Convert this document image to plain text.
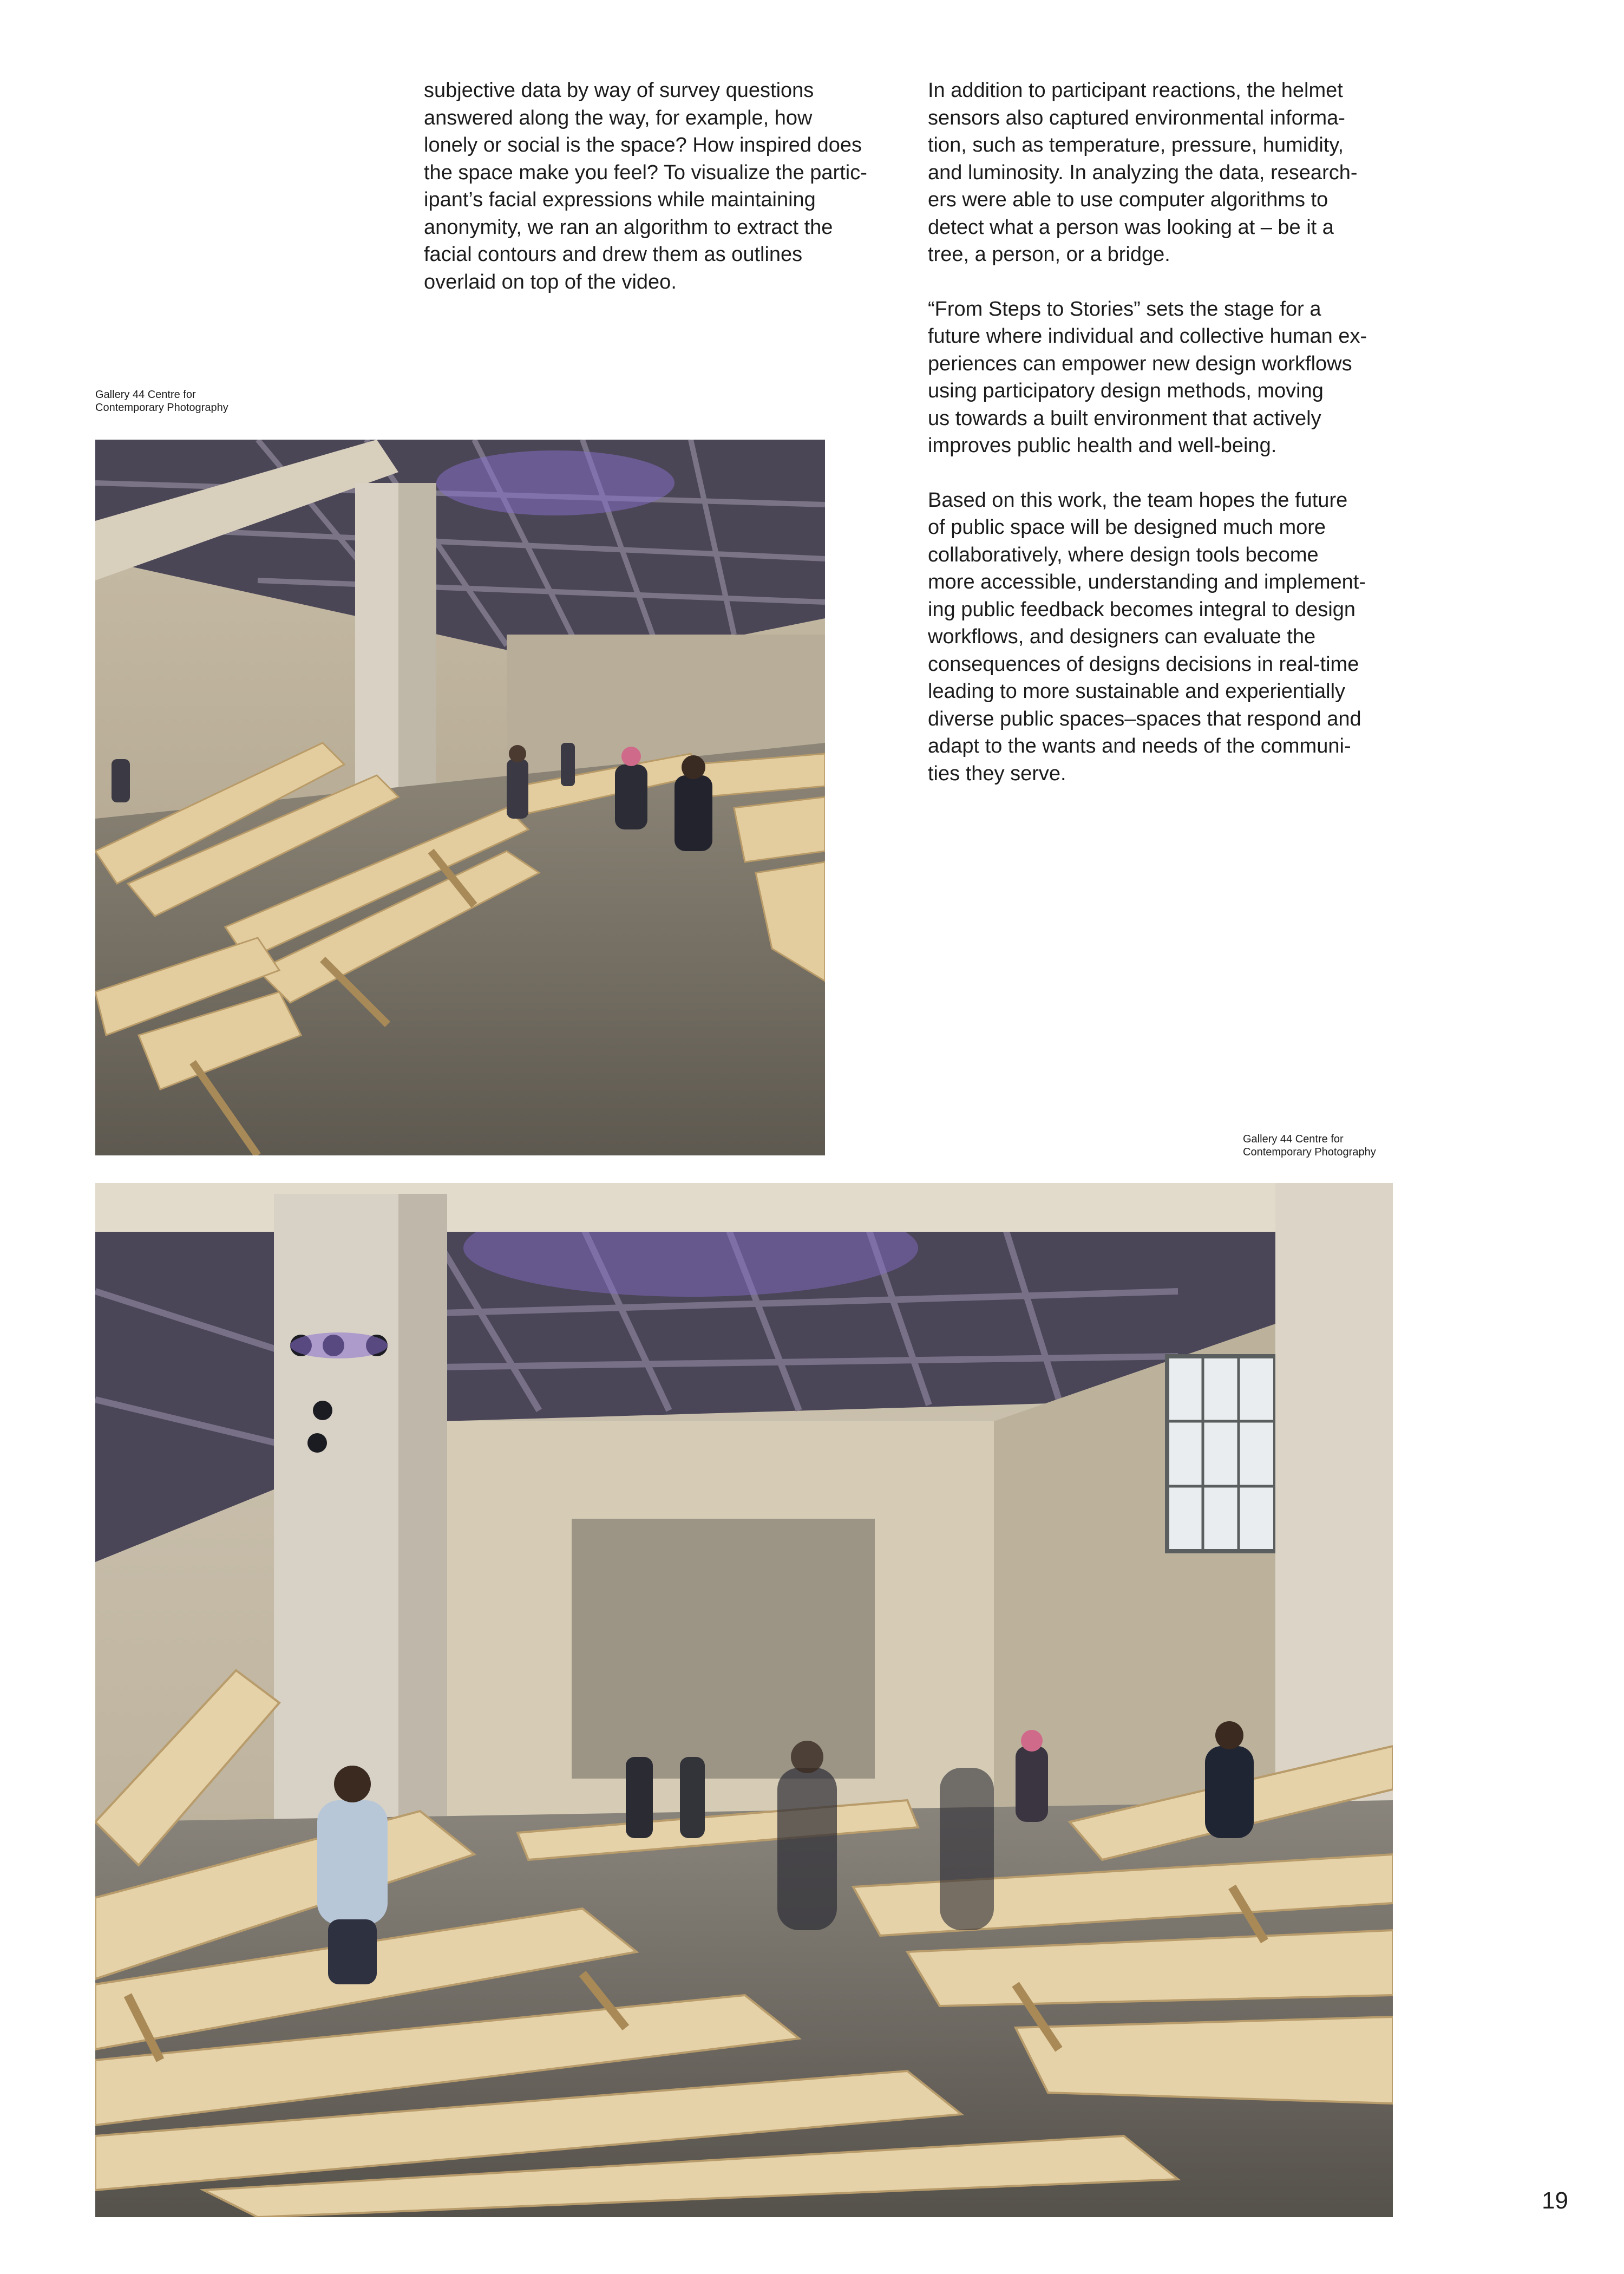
subjective data by way of survey questions
answered along the way, for example, how
lonely or social is the space? How inspired does
the space make you feel? To visualize the partic-
ipant’s facial expressions while maintaining
anonymity, we ran an algorithm to extract the
facial contours and drew them as outlines
overlaid on top of the video.

In addition to participant reactions, the helmet
sensors also captured environmental informa-
tion, such as temperature, pressure, humidity,
and luminosity. In analyzing the data, research-
ers were able to use computer algorithms to
detect what a person was looking at – be it a
tree, a person, or a bridge.

“From Steps to Stories” sets the stage for a
future where individual and collective human ex-
periences can empower new design workflows
using participatory design methods, moving
us towards a built environment that actively
improves public health and well-being.

Based on this work, the team hopes the future
of public space will be designed much more
collaboratively, where design tools become
more accessible, understanding and implement-
ing public feedback becomes integral to design
workflows, and designers can evaluate the
consequences of designs decisions in real-time
leading to more sustainable and experientially
diverse public spaces–spaces that respond and
adapt to the wants and needs of the communi-
ties they serve.

Gallery 44 Centre for
Contemporary Photography
Gallery 44 Centre for
Contemporary Photography
19
